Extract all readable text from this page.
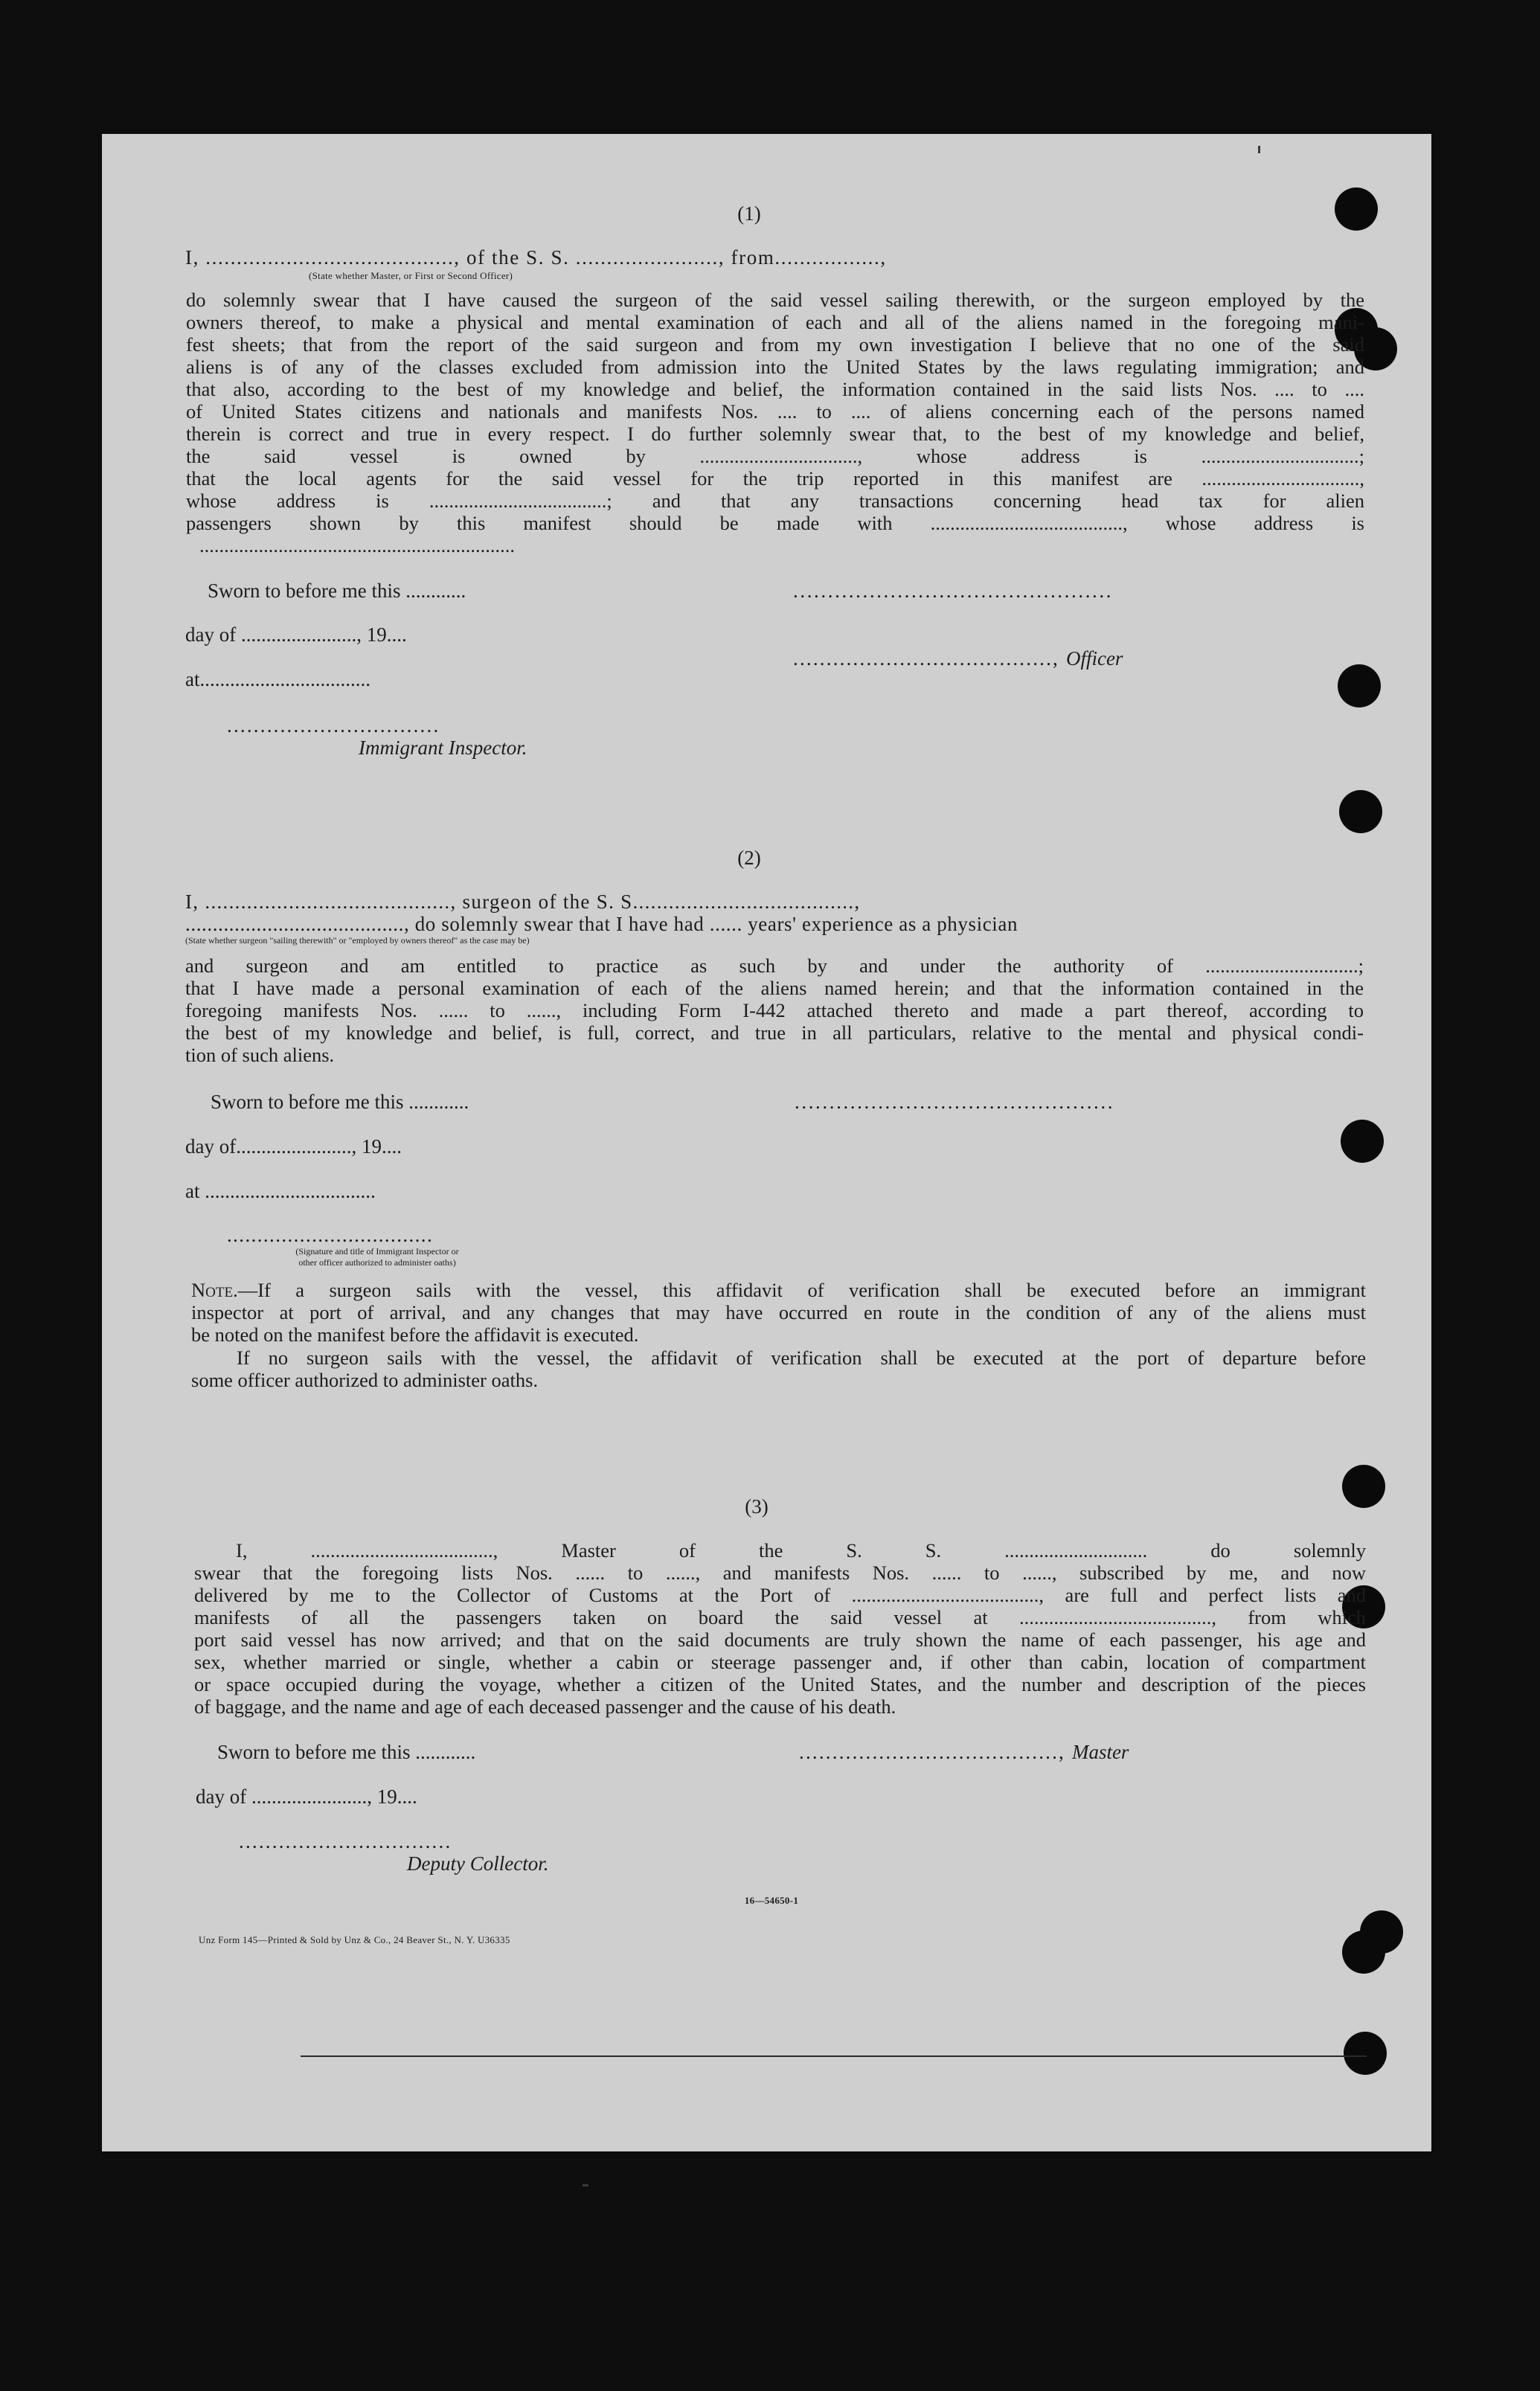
(1)
I, ........................................, of the S. S. ......................., from.................,
(State whether Master, or First or Second Officer)
do solemnly swear that I have caused the surgeon of the said vessel sailing therewith, or the surgeon employed by the
owners thereof, to make a physical and mental examination of each and all of the aliens named in the foregoing mani-
fest sheets; that from the report of the said surgeon and from my own investigation I believe that no one of the said
aliens is of any of the classes excluded from admission into the United States by the laws regulating immigration; and
that also, according to the best of my knowledge and belief, the information contained in the said lists Nos. .... to ....
of United States citizens and nationals and manifests Nos. .... to .... of aliens concerning each of the persons named
therein is correct and true in every respect. I do further solemnly swear that, to the best of my knowledge and belief,
the said vessel is owned by ................................, whose address is ................................;
that the local agents for the said vessel for the trip reported in this manifest are ................................,
whose address is ....................................; and that any transactions concerning head tax for alien
passengers shown by this manifest should be made with ......................................., whose address is
................................................................
Sworn to before me this ............	..............................................
day of ......................., 19....
......................................., Officer
at..................................
................................
Immigrant Inspector.
(2)
I, ........................................., surgeon of the S. S.....................................,
........................................, do solemnly swear that I have had ...... years' experience as a physician
(State whether surgeon "sailing therewith" or "employed by owners thereof" as the case may be)
and surgeon and am entitled to practice as such by and under the authority of ...............................;
that I have made a personal examination of each of the aliens named herein; and that the information contained in the
foregoing manifests Nos. ...... to ......, including Form I-442 attached thereto and made a part thereof, according to
the best of my knowledge and belief, is full, correct, and true in all particulars, relative to the mental and physical condi-
tion of such aliens.
Sworn to before me this ............	..............................................
day of......................., 19....
at ..................................
..................................
(Signature and title of Immigrant Inspector or
other officer authorized to administer oaths)
Note.—If a surgeon sails with the vessel, this affidavit of verification shall be executed before an immigrant
inspector at port of arrival, and any changes that may have occurred en route in the condition of any of the aliens must
be noted on the manifest before the affidavit is executed.
If no surgeon sails with the vessel, the affidavit of verification shall be executed at the port of departure before
some officer authorized to administer oaths.
(3)
I, ....................................., Master of the S. S. ............................. do solemnly
swear that the foregoing lists Nos. ...... to ......, and manifests Nos. ...... to ......, subscribed by me, and now
delivered by me to the Collector of Customs at the Port of ......................................, are full and perfect lists and
manifests of all the passengers taken on board the said vessel at ......................................., from which
port said vessel has now arrived; and that on the said documents are truly shown the name of each passenger, his age and
sex, whether married or single, whether a cabin or steerage passenger and, if other than cabin, location of compartment
or space occupied during the voyage, whether a citizen of the United States, and the number and description of the pieces
of baggage, and the name and age of each deceased passenger and the cause of his death.
Sworn to before me this ............	......................................., Master
day of ......................., 19....
................................
Deputy Collector.
16—54650-1
Unz Form 145—Printed & Sold by Unz & Co., 24 Beaver St., N. Y. U36335
